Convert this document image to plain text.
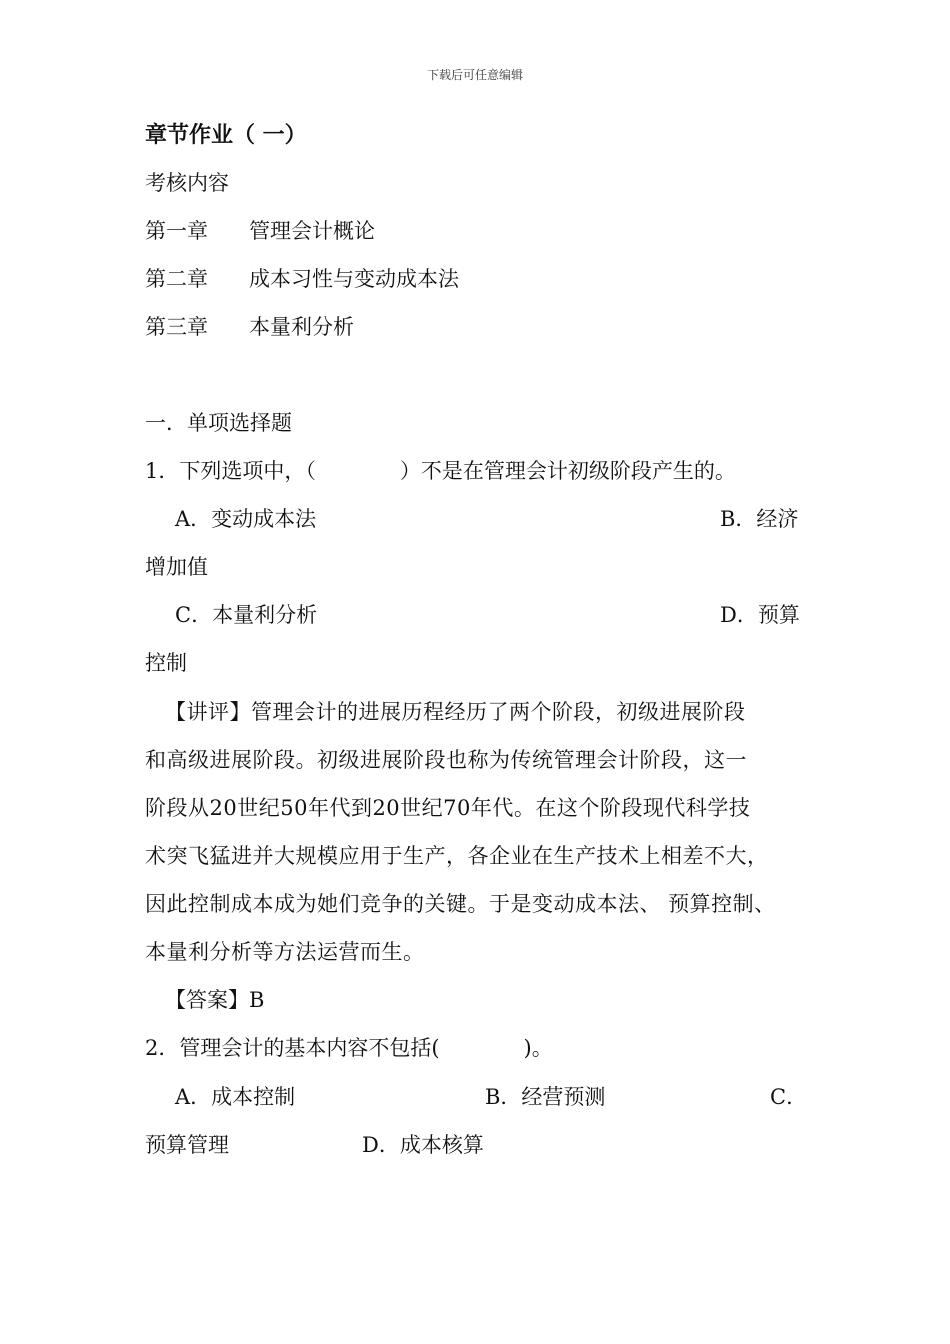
下载后可任意编辑
章节作业（ 一）
考核内容
第一章 管理会计概论
第二章 成本习性与变动成本法
第三章 本量利分析
一．单项选择题
1．下列选项中，（　　　　）不是在管理会计初级阶段产生的。
A．变动成本法	B．经济
增加值
C．本量利分析	D．预算
控制
【讲评】管理会计的进展历程经历了两个阶段，初级进展阶段
和高级进展阶段。初级进展阶段也称为传统管理会计阶段，这一
阶段从20世纪50年代到20世纪70年代。在这个阶段现代科学技
术突飞猛进并大规模应用于生产，各企业在生产技术上相差不大，
因此控制成本成为她们竞争的关键。于是变动成本法、 预算控制、
本量利分析等方法运营而生。
【答案】B
2．管理会计的基本内容不包括(　　　　)。
A．成本控制	B．经营预测	C．
预算管理	D．成本核算
